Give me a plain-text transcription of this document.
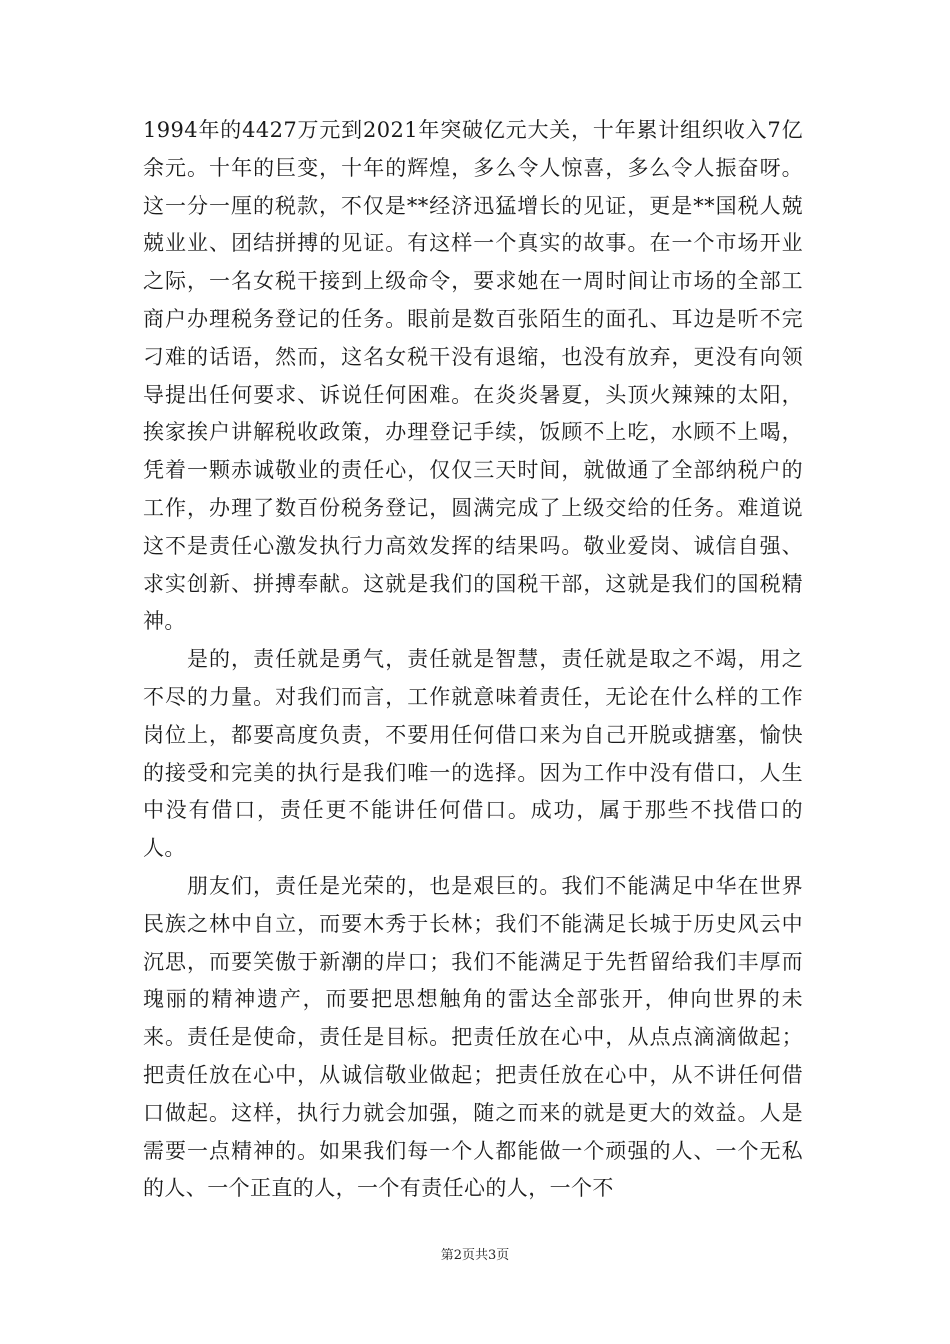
1994年的4427万元到2021年突破亿元大关，十年累计组织收入7亿余元。十年的巨变，十年的辉煌，多么令人惊喜，多么令人振奋呀。这一分一厘的税款，不仅是**经济迅猛增长的见证，更是**国税人兢兢业业、团结拼搏的见证。有这样一个真实的故事。在一个市场开业之际，一名女税干接到上级命令，要求她在一周时间让市场的全部工商户办理税务登记的任务。眼前是数百张陌生的面孔、耳边是听不完刁难的话语，然而，这名女税干没有退缩，也没有放弃，更没有向领导提出任何要求、诉说任何困难。在炎炎暑夏，头顶火辣辣的太阳，挨家挨户讲解税收政策，办理登记手续，饭顾不上吃，水顾不上喝，凭着一颗赤诚敬业的责任心，仅仅三天时间，就做通了全部纳税户的工作，办理了数百份税务登记，圆满完成了上级交给的任务。难道说这不是责任心激发执行力高效发挥的结果吗。敬业爱岗、诚信自强、求实创新、拼搏奉献。这就是我们的国税干部，这就是我们的国税精神。

是的，责任就是勇气，责任就是智慧，责任就是取之不竭，用之不尽的力量。对我们而言，工作就意味着责任，无论在什么样的工作岗位上，都要高度负责，不要用任何借口来为自己开脱或搪塞，愉快的接受和完美的执行是我们唯一的选择。因为工作中没有借口，人生中没有借口，责任更不能讲任何借口。成功，属于那些不找借口的人。

朋友们，责任是光荣的，也是艰巨的。我们不能满足中华在世界民族之林中自立，而要木秀于长林；我们不能满足长城于历史风云中沉思，而要笑傲于新潮的岸口；我们不能满足于先哲留给我们丰厚而瑰丽的精神遗产，而要把思想触角的雷达全部张开，伸向世界的未来。责任是使命，责任是目标。把责任放在心中，从点点滴滴做起；把责任放在心中，从诚信敬业做起；把责任放在心中，从不讲任何借口做起。这样，执行力就会加强，随之而来的就是更大的效益。人是需要一点精神的。如果我们每一个人都能做一个顽强的人、一个无私的人、一个正直的人，一个有责任心的人，一个不

第2页共3页
